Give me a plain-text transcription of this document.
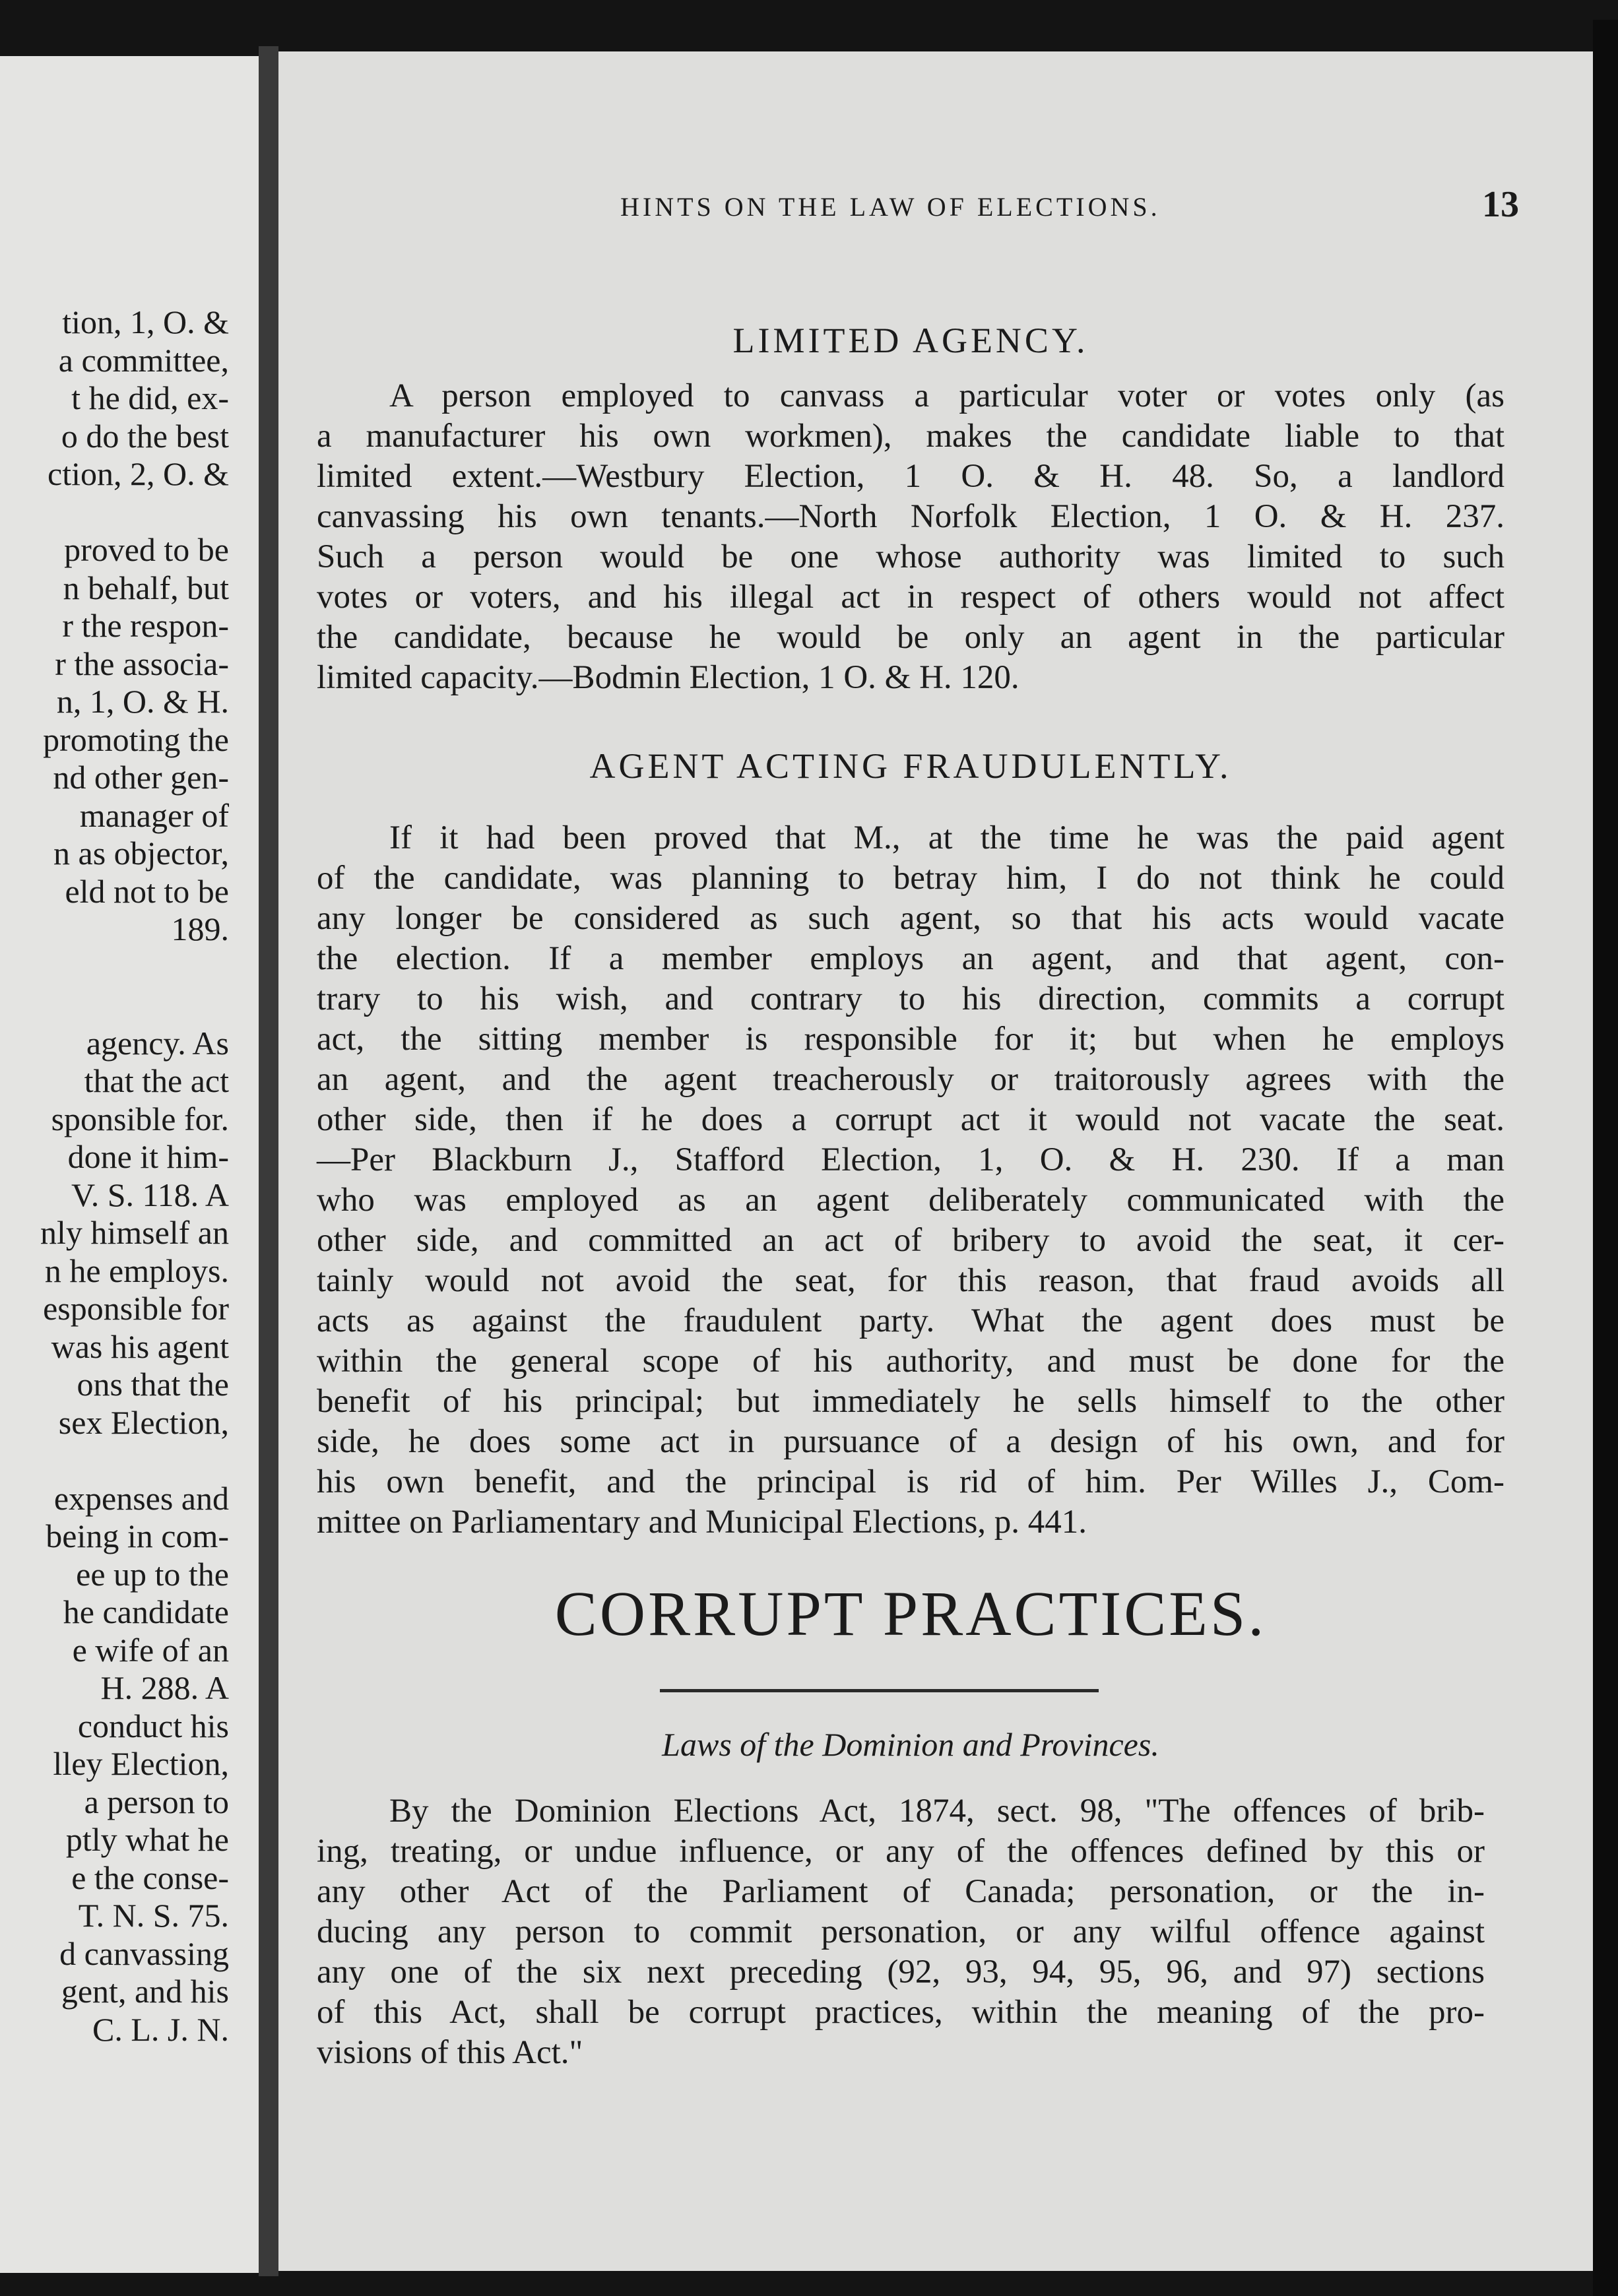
tion, 1, O. &

a committee,

t he did, ex-

o do the best

ction, 2, O. &

proved to be

n behalf, but

r the respon-

r the associa-

n, 1, O. & H.

promoting the

nd other gen-

manager of

n as objector,

eld not to be

189.

agency. As

that the act

sponsible for.

done it him-

V. S. 118. A

nly himself an

n he employs.

esponsible for

was his agent

ons that the

sex Election,

expenses and

being in com-

ee up to the

he candidate

e wife of an

H. 288. A

conduct his

lley Election,

a person to

ptly what he

e the conse-

T. N. S. 75.

d canvassing

gent, and his

C. L. J. N.

HINTS ON THE LAW OF ELECTIONS.	13
LIMITED AGENCY.
A person employed to canvass a particular voter or votes only (as
a manufacturer his own workmen), makes the candidate liable to that
limited extent.—Westbury Election, 1 O. & H. 48. So, a landlord
canvassing his own tenants.—North Norfolk Election, 1 O. & H. 237.
Such a person would be one whose authority was limited to such
votes or voters, and his illegal act in respect of others would not affect
the candidate, because he would be only an agent in the particular
limited capacity.—Bodmin Election, 1 O. & H. 120.
AGENT ACTING FRAUDULENTLY.
If it had been proved that M., at the time he was the paid agent
of the candidate, was planning to betray him, I do not think he could
any longer be considered as such agent, so that his acts would vacate
the election. If a member employs an agent, and that agent, con-
trary to his wish, and contrary to his direction, commits a corrupt
act, the sitting member is responsible for it; but when he employs
an agent, and the agent treacherously or traitorously agrees with the
other side, then if he does a corrupt act it would not vacate the seat.
—Per Blackburn J., Stafford Election, 1, O. & H. 230. If a man
who was employed as an agent deliberately communicated with the
other side, and committed an act of bribery to avoid the seat, it cer-
tainly would not avoid the seat, for this reason, that fraud avoids all
acts as against the fraudulent party. What the agent does must be
within the general scope of his authority, and must be done for the
benefit of his principal; but immediately he sells himself to the other
side, he does some act in pursuance of a design of his own, and for
his own benefit, and the principal is rid of him. Per Willes J., Com-
mittee on Parliamentary and Municipal Elections, p. 441.
CORRUPT PRACTICES.
Laws of the Dominion and Provinces.
By the Dominion Elections Act, 1874, sect. 98, "The offences of brib-
ing, treating, or undue influence, or any of the offences defined by this or
any other Act of the Parliament of Canada; personation, or the in-
ducing any person to commit personation, or any wilful offence against
any one of the six next preceding (92, 93, 94, 95, 96, and 97) sections
of this Act, shall be corrupt practices, within the meaning of the pro-
visions of this Act."
